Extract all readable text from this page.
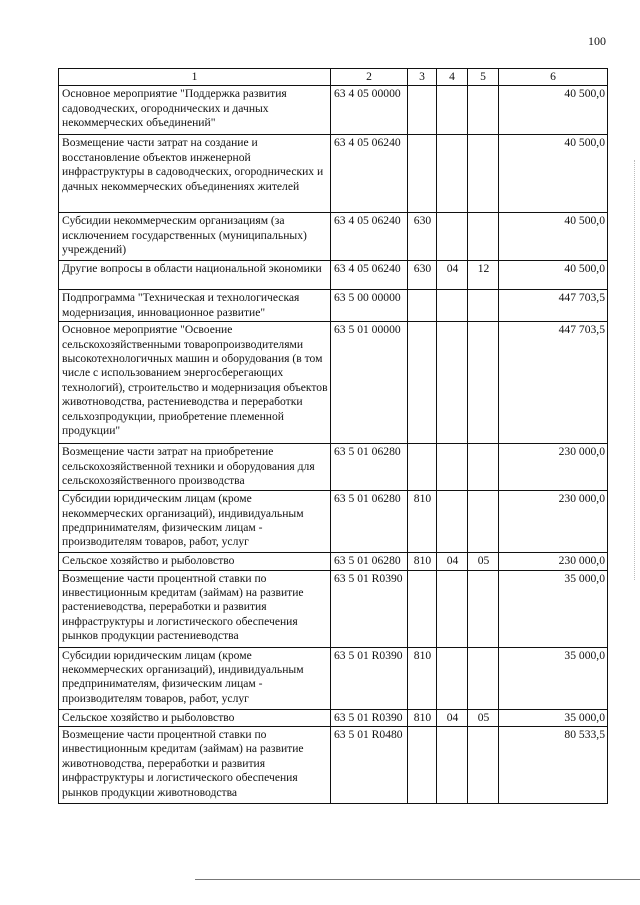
100
1	2	3	4	5	6
Основное мероприятие "Поддержка развития садоводческих, огороднических и дачных некоммерческих объединений"	63 4 05 00000				40 500,0
Возмещение части затрат на создание и восстановление объектов инженерной инфраструктуры в садоводческих, огороднических и дачных некоммерческих объединениях жителей	63 4 05 06240				40 500,0
Субсидии некоммерческим организациям (за исключением государственных (муниципальных) учреждений)	63 4 05 06240	630			40 500,0
Другие вопросы в области национальной экономики	63 4 05 06240	630	04	12	40 500,0
Подпрограмма "Техническая и технологическая модернизация, инновационное развитие"	63 5 00 00000				447 703,5
Основное мероприятие "Освоение сельскохозяйственными товаропроизводителями высокотехнологичных машин и оборудования (в том числе с использованием энергосберегающих технологий), строительство и модернизация объектов животноводства, растениеводства и переработки сельхозпродукции, приобретение племенной продукции"	63 5 01 00000				447 703,5
Возмещение части затрат на приобретение сельскохозяйственной техники и оборудования для сельскохозяйственного производства	63 5 01 06280				230 000,0
Субсидии юридическим лицам (кроме некоммерческих организаций), индивидуальным предпринимателям, физическим лицам - производителям товаров, работ, услуг	63 5 01 06280	810			230 000,0
Сельское хозяйство и рыболовство	63 5 01 06280	810	04	05	230 000,0
Возмещение части процентной ставки по инвестиционным кредитам (займам) на развитие растениеводства, переработки и развития инфраструктуры и логистического обеспечения рынков продукции растениеводства	63 5 01 R0390				35 000,0
Субсидии юридическим лицам (кроме некоммерческих организаций), индивидуальным предпринимателям, физическим лицам - производителям товаров, работ, услуг	63 5 01 R0390	810			35 000,0
Сельское хозяйство и рыболовство	63 5 01 R0390	810	04	05	35 000,0
Возмещение части процентной ставки по инвестиционным кредитам (займам) на развитие животноводства, переработки и развития инфраструктуры и логистического обеспечения рынков продукции животноводства	63 5 01 R0480				80 533,5
